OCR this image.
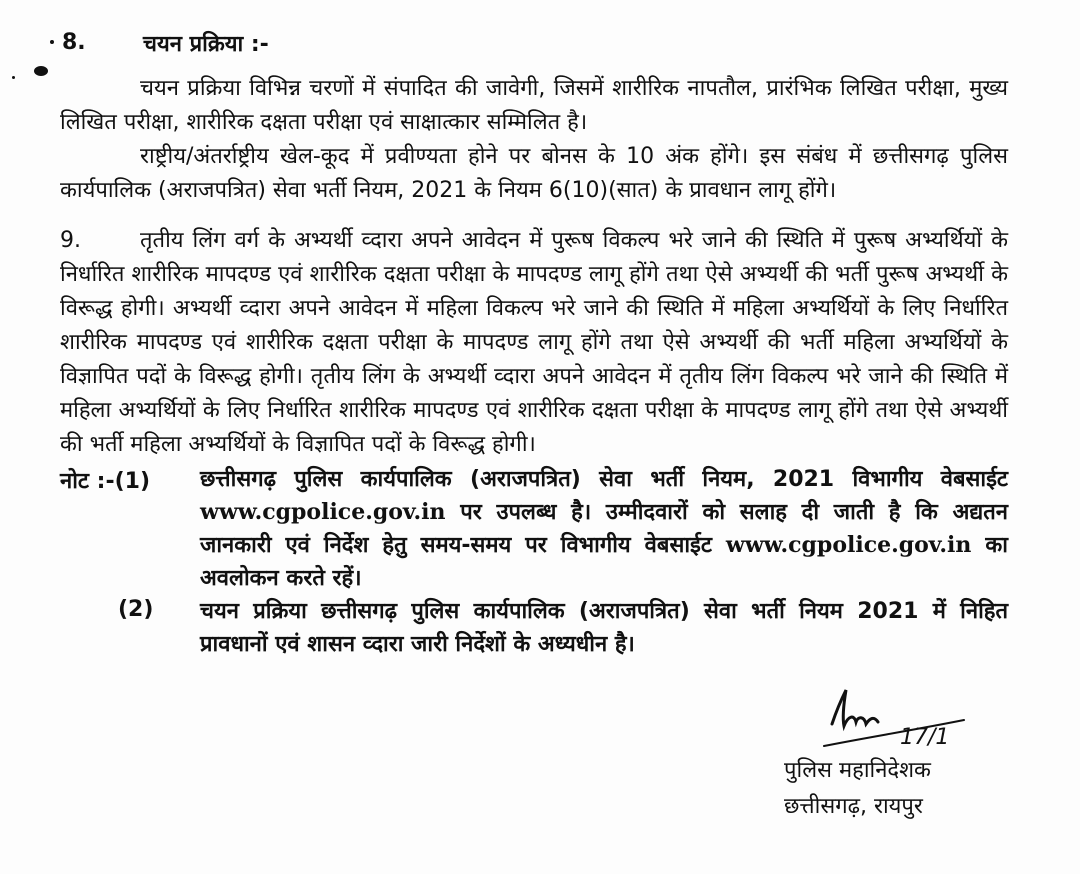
8.	चयन प्रक्रिया :-
चयन प्रक्रिया विभिन्न चरणों में संपादित की जावेगी, जिसमें शारीरिक नापतौल, प्रारंभिक लिखित परीक्षा, मुख्य लिखित परीक्षा, शारीरिक दक्षता परीक्षा एवं साक्षात्कार सम्मिलित है।
राष्ट्रीय/अंतर्राष्ट्रीय खेल-कूद में प्रवीण्यता होने पर बोनस के 10 अंक होंगे। इस संबंध में छत्तीसगढ़ पुलिस कार्यपालिक (अराजपत्रित) सेवा भर्ती नियम, 2021 के नियम 6(10)(सात) के प्रावधान लागू होंगे।
9.	तृतीय लिंग वर्ग के अभ्यर्थी व्दारा अपने आवेदन में पुरूष विकल्प भरे जाने की स्थिति में पुरूष अभ्यर्थियों के निर्धारित शारीरिक मापदण्ड एवं शारीरिक दक्षता परीक्षा के मापदण्ड लागू होंगे तथा ऐसे अभ्यर्थी की भर्ती पुरूष अभ्यर्थी के विरूद्ध होगी। अभ्यर्थी व्दारा अपने आवेदन में महिला विकल्प भरे जाने की स्थिति में महिला अभ्यर्थियों के लिए निर्धारित शारीरिक मापदण्ड एवं शारीरिक दक्षता परीक्षा के मापदण्ड लागू होंगे तथा ऐसे अभ्यर्थी की भर्ती महिला अभ्यर्थियों के विज्ञापित पदों के विरूद्ध होगी। तृतीय लिंग के अभ्यर्थी व्दारा अपने आवेदन में तृतीय लिंग विकल्प भरे जाने की स्थिति में महिला अभ्यर्थियों के लिए निर्धारित शारीरिक मापदण्ड एवं शारीरिक दक्षता परीक्षा के मापदण्ड लागू होंगे तथा ऐसे अभ्यर्थी की भर्ती महिला अभ्यर्थियों के विज्ञापित पदों के विरूद्ध होगी।
नोट :-(1) छत्तीसगढ़ पुलिस कार्यपालिक (अराजपत्रित) सेवा भर्ती नियम, 2021 विभागीय वेबसाईट www.cgpolice.gov.in पर उपलब्ध है। उम्मीदवारों को सलाह दी जाती है कि अद्यतन जानकारी एवं निर्देश हेतु समय-समय पर विभागीय वेबसाईट www.cgpolice.gov.in का अवलोकन करते रहें।
(2) चयन प्रक्रिया छत्तीसगढ़ पुलिस कार्यपालिक (अराजपत्रित) सेवा भर्ती नियम 2021 में निहित प्रावधानों एवं शासन व्दारा जारी निर्देशों के अध्यधीन है।
17/1
पुलिस महानिदेशक
छत्तीसगढ़, रायपुर
